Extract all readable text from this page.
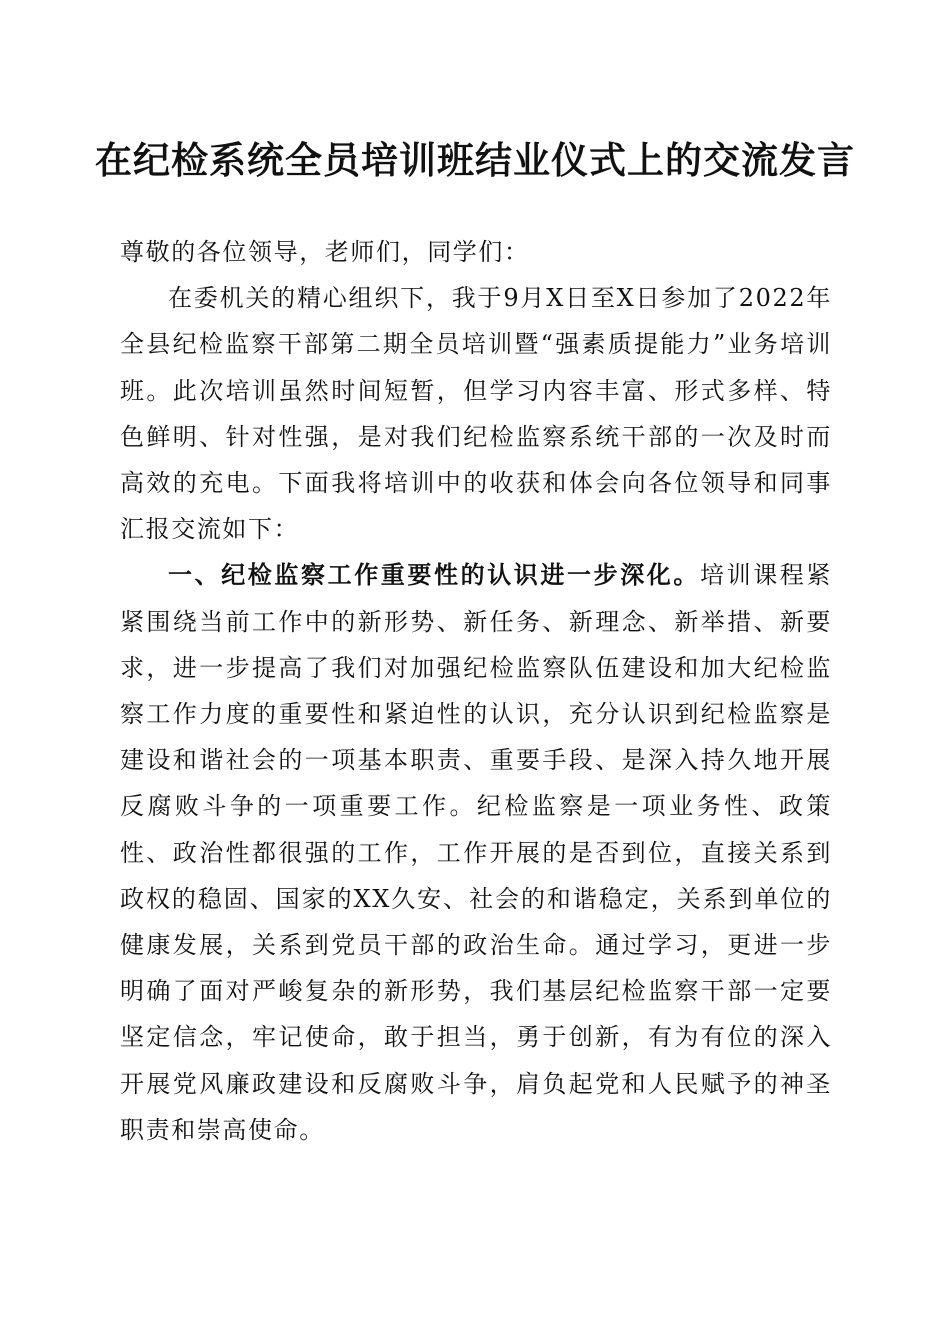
在纪检系统全员培训班结业仪式上的交流发言

尊敬的各位领导，老师们，同学们：

在委机关的精心组织下，我于9月X日至X日参加了2022年全县纪检监察干部第二期全员培训暨“强素质提能力”业务培训班。此次培训虽然时间短暂，但学习内容丰富、形式多样、特色鲜明、针对性强，是对我们纪检监察系统干部的一次及时而高效的充电。下面我将培训中的收获和体会向各位领导和同事汇报交流如下：

一、纪检监察工作重要性的认识进一步深化。培训课程紧紧围绕当前工作中的新形势、新任务、新理念、新举措、新要求，进一步提高了我们对加强纪检监察队伍建设和加大纪检监察工作力度的重要性和紧迫性的认识，充分认识到纪检监察是建设和谐社会的一项基本职责、重要手段、是深入持久地开展反腐败斗争的一项重要工作。纪检监察是一项业务性、政策性、政治性都很强的工作，工作开展的是否到位，直接关系到政权的稳固、国家的XX久安、社会的和谐稳定，关系到单位的健康发展，关系到党员干部的政治生命。通过学习，更进一步明确了面对严峻复杂的新形势，我们基层纪检监察干部一定要坚定信念，牢记使命，敢于担当，勇于创新，有为有位的深入开展党风廉政建设和反腐败斗争，肩负起党和人民赋予的神圣职责和崇高使命。
